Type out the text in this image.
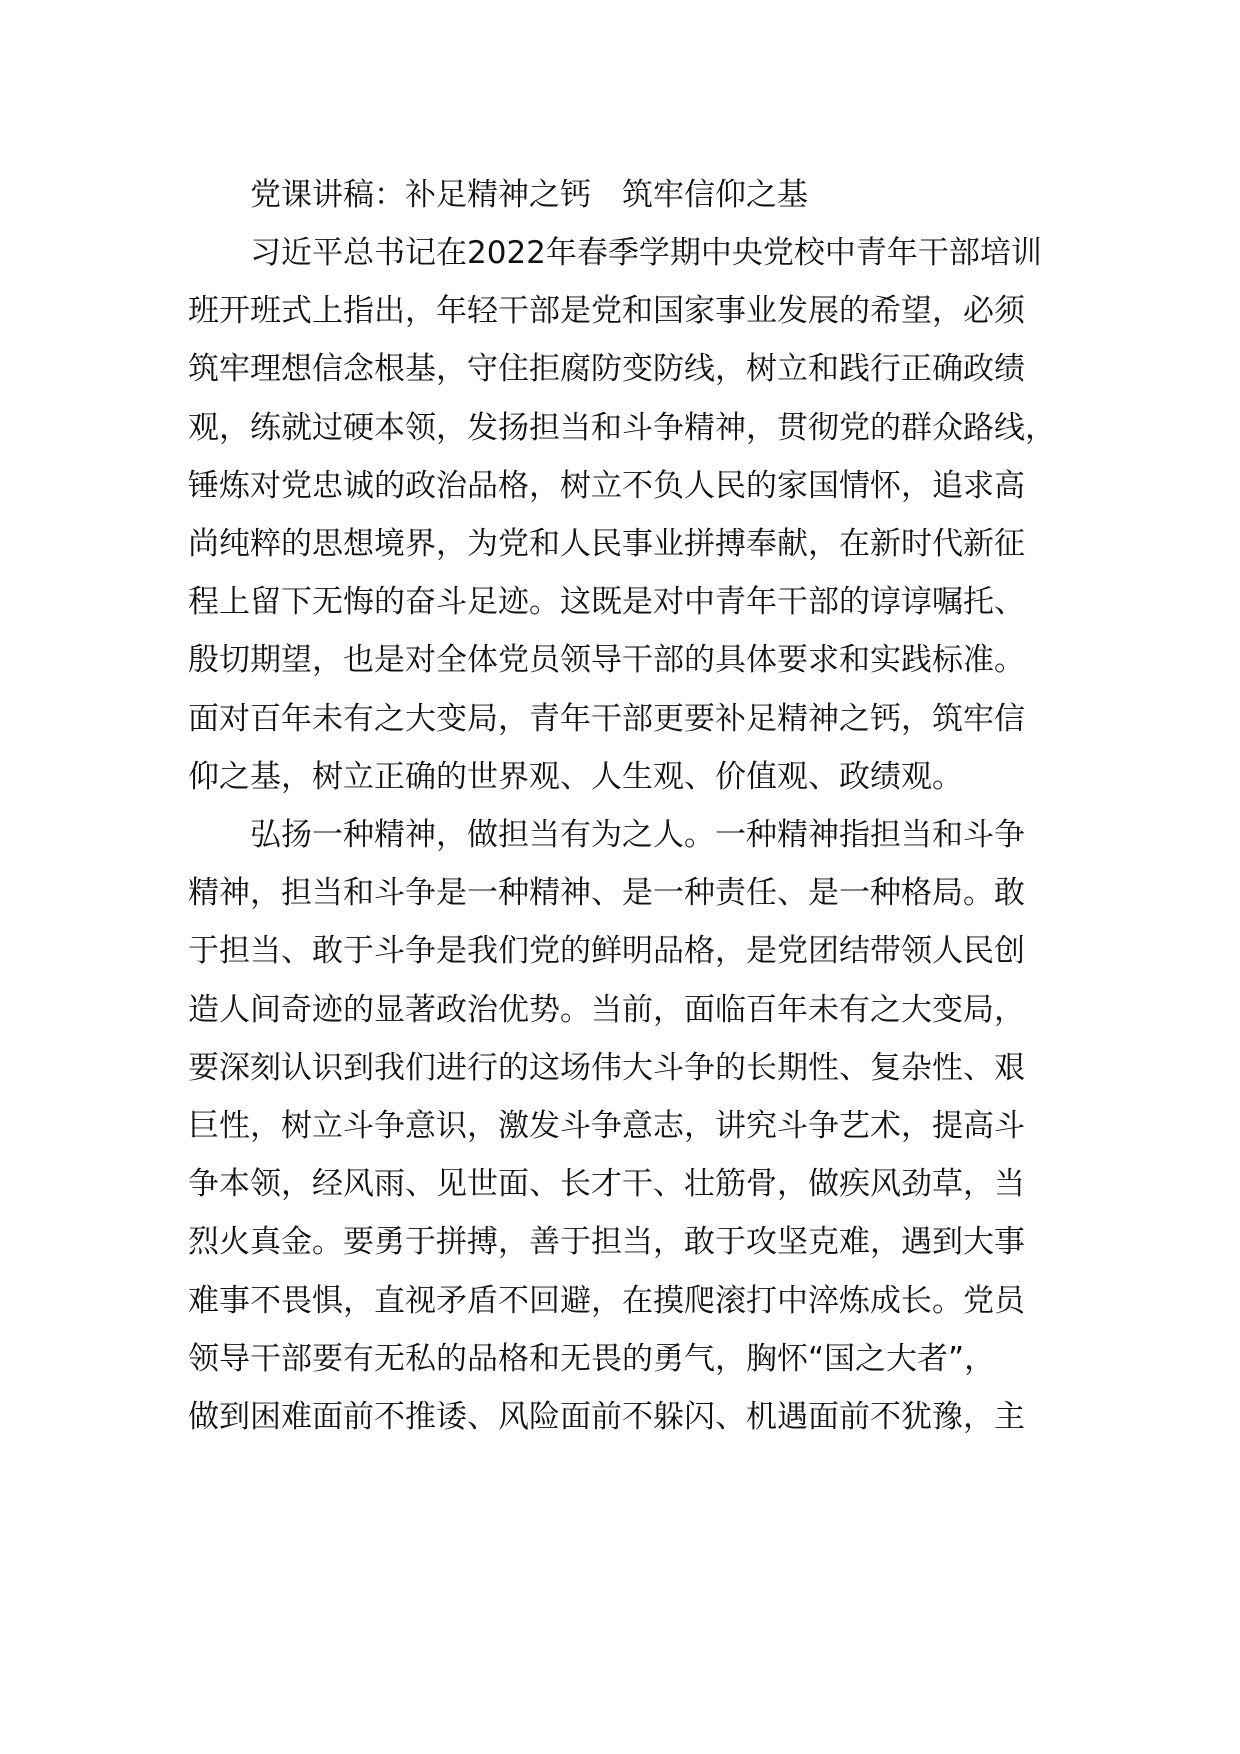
党课讲稿：补足精神之钙　筑牢信仰之基
习近平总书记在2022年春季学期中央党校中青年干部培训
班开班式上指出，年轻干部是党和国家事业发展的希望，必须
筑牢理想信念根基，守住拒腐防变防线，树立和践行正确政绩
观，练就过硬本领，发扬担当和斗争精神，贯彻党的群众路线，
锤炼对党忠诚的政治品格，树立不负人民的家国情怀，追求高
尚纯粹的思想境界，为党和人民事业拼搏奉献，在新时代新征
程上留下无悔的奋斗足迹。这既是对中青年干部的谆谆嘱托、
殷切期望，也是对全体党员领导干部的具体要求和实践标准。
面对百年未有之大变局，青年干部更要补足精神之钙，筑牢信
仰之基，树立正确的世界观、人生观、价值观、政绩观。
弘扬一种精神，做担当有为之人。一种精神指担当和斗争
精神，担当和斗争是一种精神、是一种责任、是一种格局。敢
于担当、敢于斗争是我们党的鲜明品格，是党团结带领人民创
造人间奇迹的显著政治优势。当前，面临百年未有之大变局，
要深刻认识到我们进行的这场伟大斗争的长期性、复杂性、艰
巨性，树立斗争意识，激发斗争意志，讲究斗争艺术，提高斗
争本领，经风雨、见世面、长才干、壮筋骨，做疾风劲草，当
烈火真金。要勇于拼搏，善于担当，敢于攻坚克难，遇到大事
难事不畏惧，直视矛盾不回避，在摸爬滚打中淬炼成长。党员
领导干部要有无私的品格和无畏的勇气，胸怀“国之大者”，
做到困难面前不推诿、风险面前不躲闪、机遇面前不犹豫，主
